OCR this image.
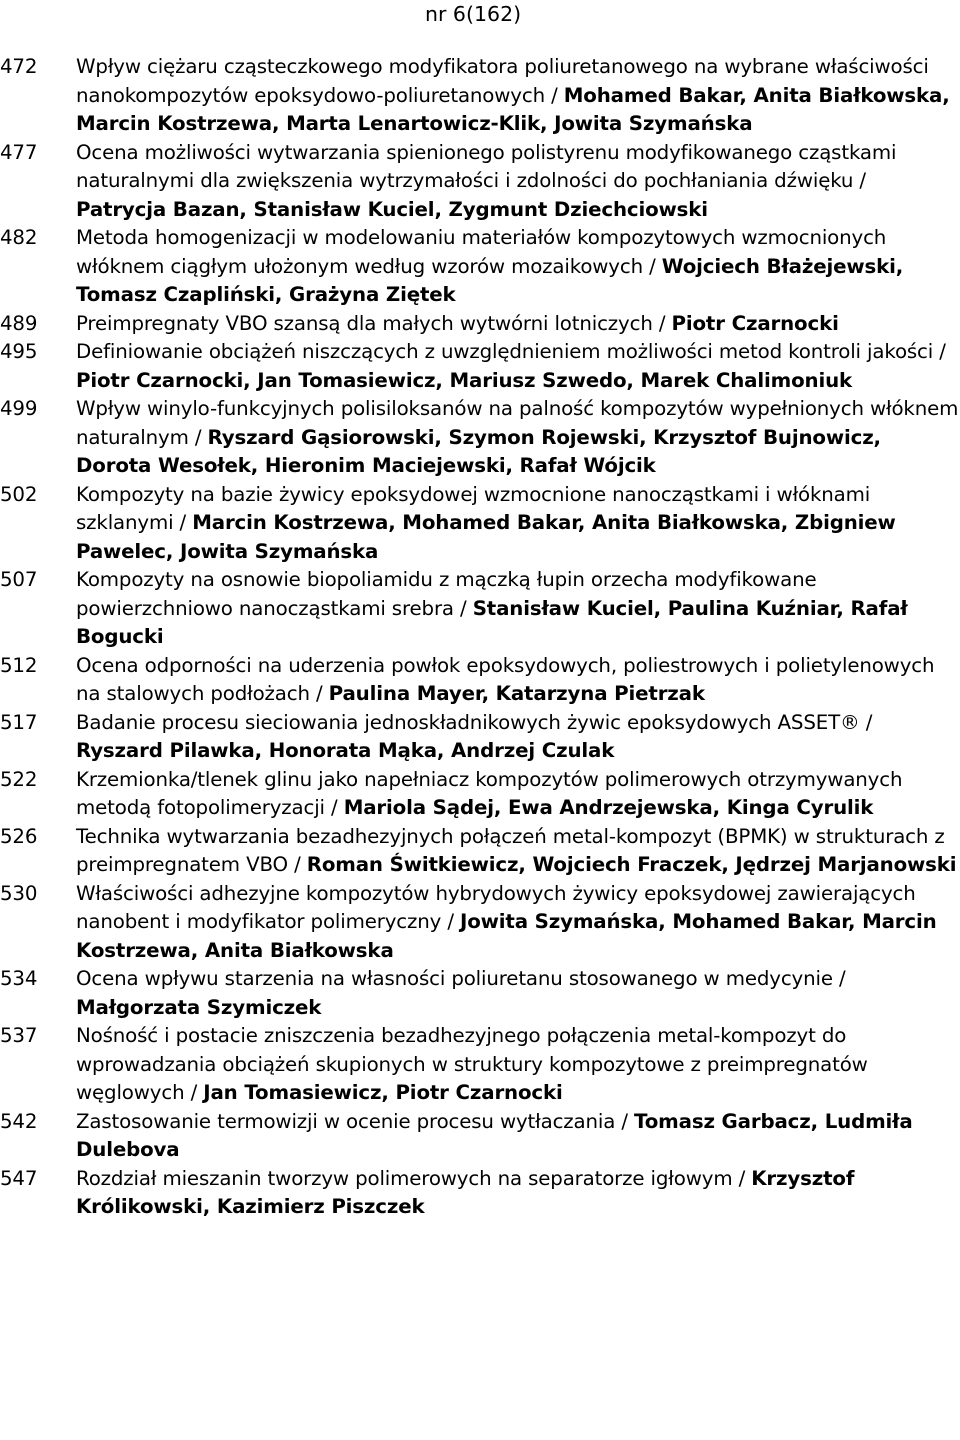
nr 6(162)
472	Wpływ ciężaru cząsteczkowego modyfikatora poliuretanowego na wybrane właściwości nanokompozytów epoksydowo-poliuretanowych / Mohamed Bakar, Anita Białkowska, Marcin Kostrzewa, Marta Lenartowicz-Klik, Jowita Szymańska
477	Ocena możliwości wytwarzania spienionego polistyrenu modyfikowanego cząstkami naturalnymi dla zwiększenia wytrzymałości i zdolności do pochłaniania dźwięku / Patrycja Bazan, Stanisław Kuciel, Zygmunt Dziechciowski
482	Metoda homogenizacji w modelowaniu materiałów kompozytowych wzmocnionych włóknem ciągłym ułożonym według wzorów mozaikowych / Wojciech Błażejewski, Tomasz Czapliński, Grażyna Ziętek
489	Preimpregnaty VBO szansą dla małych wytwórni lotniczych / Piotr Czarnocki
495	Definiowanie obciążeń niszczących z uwzględnieniem możliwości metod kontroli jakości / Piotr Czarnocki, Jan Tomasiewicz, Mariusz Szwedo, Marek Chalimoniuk
499	Wpływ winylo-funkcyjnych polisiloksanów na palność kompozytów wypełnionych włóknem naturalnym / Ryszard Gąsiorowski, Szymon Rojewski, Krzysztof Bujnowicz, Dorota Wesołek, Hieronim Maciejewski, Rafał Wójcik
502	Kompozyty na bazie żywicy epoksydowej wzmocnione nanocząstkami i włóknami szklanymi / Marcin Kostrzewa, Mohamed Bakar, Anita Białkowska, Zbigniew Pawelec, Jowita Szymańska
507	Kompozyty na osnowie biopoliamidu z mączką łupin orzecha modyfikowane powierzchniowo nanocząstkami srebra / Stanisław Kuciel, Paulina Kuźniar, Rafał Bogucki
512	Ocena odporności na uderzenia powłok epoksydowych, poliestrowych i polietylenowych na stalowych podłożach / Paulina Mayer, Katarzyna Pietrzak
517	Badanie procesu sieciowania jednoskładnikowych żywic epoksydowych ASSET® / Ryszard Pilawka, Honorata Mąka, Andrzej Czulak
522	Krzemionka/tlenek glinu jako napełniacz kompozytów polimerowych otrzymywanych metodą fotopolimeryzacji / Mariola Sądej, Ewa Andrzejewska, Kinga Cyrulik
526	Technika wytwarzania bezadhezyjnych połączeń metal-kompozyt (BPMK) w strukturach z preimpregnatem VBO / Roman Świtkiewicz, Wojciech Fraczek, Jędrzej Marjanowski
530	Właściwości adhezyjne kompozytów hybrydowych żywicy epoksydowej zawierających nanobent i modyfikator polimeryczny / Jowita Szymańska, Mohamed Bakar, Marcin Kostrzewa, Anita Białkowska
534	Ocena wpływu starzenia na własności poliuretanu stosowanego w medycynie / Małgorzata Szymiczek
537	Nośność i postacie zniszczenia bezadhezyjnego połączenia metal-kompozyt do wprowadzania obciążeń skupionych w struktury kompozytowe z preimpregnatów węglowych / Jan Tomasiewicz, Piotr Czarnocki
542	Zastosowanie termowizji w ocenie procesu wytłaczania / Tomasz Garbacz, Ludmiła Dulebova
547	Rozdział mieszanin tworzyw polimerowych na separatorze igłowym / Krzysztof Królikowski, Kazimierz Piszczek
